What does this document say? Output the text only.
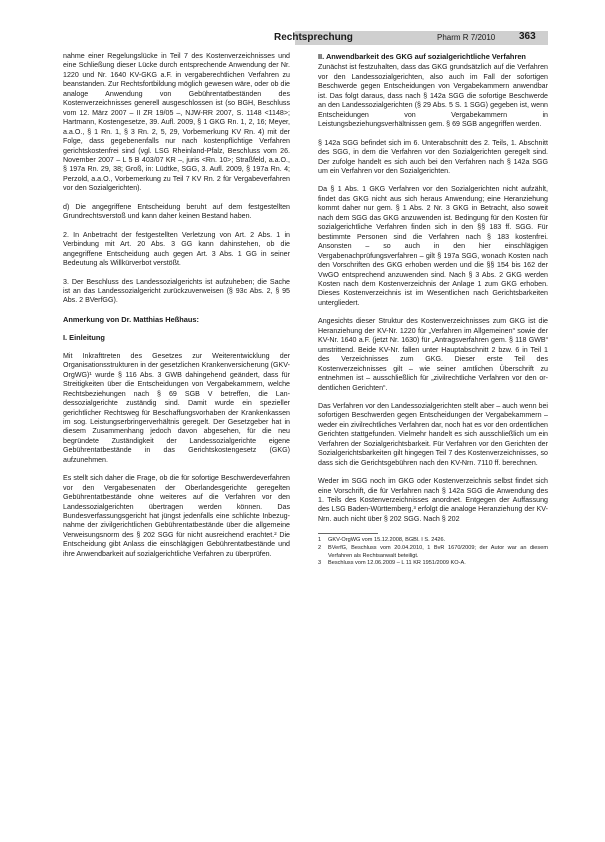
Rechtsprechung	Pharm R 7/2010 363

nahme einer Regelungslücke in Teil 7 des Kostenverzeichnisses und eine Schließung dieser Lücke durch entsprechende Anwendung der Nr. 1220 und Nr. 1640 KV-GKG a.F. in vergaberechtlichen Verfahren zu beanstanden. Zur Rechtsfortbildung möglich gewesen wäre, oder ob die analoge Anwendung von Gebührentatbeständen des Kostenverzeichnisses generell ausgeschlossen ist (so BGH, Beschluss vom 12. März 2007 – II ZR 19/05 –, NJW-RR 2007, S. 1148 <1148>; Hartmann, Kostengesetze, 39. Aufl. 2009, § 1 GKG Rn. 1, 2, 16; Meyer, a.a.O., § 1 Rn. 1, § 3 Rn. 2, 5, 29, Vorbemerkung KV Rn. 4) mit der Folge, dass gegebenenfalls nur nach kostenpflichtige Verfahren gerichtskostenfrei sind (vgl. LSG Rheinland-Pfalz, Beschluss vom 26. November 2007 – L 5 B 403/07 KR –, juris <Rn. 10>; Straßfeld, a.a.O., § 197a Rn. 29, 38; Groß, in: Lüdtke, SGG, 3. Aufl. 2009, § 197a Rn. 4; Perzold, a.a.O., Vorbemerkung zu Teil 7 KV Rn. 2 für Vergabeverfahren vor den Sozialgerichten).

d) Die angegriffene Entscheidung beruht auf dem festgestellten Grundrechtsverstoß und kann daher keinen Bestand haben.

2. In Anbetracht der festgestellten Verletzung von Art. 2 Abs. 1 in Verbindung mit Art. 20 Abs. 3 GG kann dahinstehen, ob die angegriffene Entscheidung auch gegen Art. 3 Abs. 1 GG in seiner Bedeutung als Willkürverbot verstößt.

3. Der Beschluss des Landessozialgerichts ist aufzuheben; die Sache ist an das Landessozialgericht zurückzuverweisen (§ 93c Abs. 2, § 95 Abs. 2 BVerfGG).

Anmerkung von Dr. Matthias Heßhaus:

I. Einleitung

Mit Inkrafttreten des Gesetzes zur Weiterentwicklung der Organisationsstrukturen in der gesetzlichen Krankenversicherung (GKV-OrgWG)¹ wurde § 116 Abs. 3 GWB dahingehend geändert, dass für Streitigkeiten über die Entscheidungen von Vergabekammern, welche Rechtsbeziehungen nach § 69 SGB V betreffen, die Landessozialgerichte zuständig sind. Damit wurde ein spezieller gerichtlicher Rechtsweg für Beschaffungsvorhaben der Krankenkassen im sog. Leistungserbringerverhältnis geregelt. Der Gesetzgeber hat in diesem Zusammenhang jedoch davon abgesehen, für die neu begründete Zuständigkeit der Landessozialgerichte eigene Gebührentatbestände in das Gerichtskostengesetz (GKG) aufzunehmen.

Es stellt sich daher die Frage, ob die für sofortige Beschwerdeverfahren vor den Vergabesenaten der Oberlandesgerichte geregelten Gebührentatbestände ohne weiteres auf die Verfahren vor den Landessozialgerichten übertragen werden können. Das Bundesverfassungsgericht hat jüngst jedenfalls eine schlichte Inbezugnahme der zivilgerichtlichen Gebührentatbestände über die allgemeine Verweisungsnorm des § 202 SGG für nicht ausreichend erachtet.² Die Entscheidung gibt Anlass die einschlägigen Gebührentatbestände und ihre Anwendbarkeit auf sozialgerichtliche Verfahren zu überprüfen.

II. Anwendbarkeit des GKG auf sozialgerichtliche Verfahren

Zunächst ist festzuhalten, dass das GKG grundsätzlich auf die Verfahren vor den Landessozialgerichten, also auch im Fall der sofortigen Beschwerde gegen Entscheidungen von Vergabekammern anwendbar ist. Das folgt daraus, dass nach § 142a SGG die sofortige Beschwerde an den Landessozialgerichten (§ 29 Abs. 5 S. 1 SGG) gegeben ist, wenn Entscheidungen von Vergabekammern in Leistungsbeziehungsverhältnissen gem. § 69 SGB angegriffen werden.

§ 142a SGG befindet sich im 6. Unterabschnitt des 2. Teils, 1. Abschnitt des SGG, in dem die Verfahren vor den Sozialgerichten geregelt sind. Der zufolge handelt es sich auch bei den Verfahren nach § 142a SGG um ein Verfahren vor den Sozialgerichten.

Da § 1 Abs. 1 GKG Verfahren vor den Sozialgerichten nicht aufzählt, findet das GKG nicht aus sich heraus Anwendung; eine Heranziehung kommt daher nur gem. § 1 Abs. 2 Nr. 3 GKG in Betracht, also soweit nach dem SGG das GKG anzuwenden ist. Bedingung für den Kosten für sozialgerichtliche Verfahren finden sich in den §§ 183 ff. SGG. Für bestimmte Personen sind die Verfahren nach § 183 kostenfrei. Ansonsten – so auch in den hier einschlägigen Vergabenachprüfungsverfahren – gilt § 197a SGG, wonach Kosten nach den Vorschriften des GKG erhoben werden und die §§ 154 bis 162 der VwGO entsprechend anzuwenden sind. Nach § 3 Abs. 2 GKG werden Kosten nach dem Kostenverzeichnis der Anlage 1 zum GKG erhoben. Dieses Kostenverzeichnis ist im Wesentlichen nach Gerichtsbarkeiten untergliedert.

Angesichts dieser Struktur des Kostenverzeichnisses zum GKG ist die Heranziehung der KV-Nr. 1220 für „Verfahren im Allgemeinen“ sowie der KV-Nr. 1640 a.F. (jetzt Nr. 1630) für „Antragsverfahren gem. § 118 GWB“ umstrittend. Beide KV-Nr. fallen unter Hauptabschnitt 2 bzw. 6 in Teil 1 des Verzeichnisses zum GKG. Dieser erste Teil des Kostenverzeichnisses gilt – wie seiner amtlichen Überschrift zu entnehmen ist – ausschließlich für „zivilrechtliche Verfahren vor den ordentlichen Gerichten“.

Das Verfahren vor den Landessozialgerichten stellt aber – auch wenn bei sofortigen Beschwerden gegen Entscheidungen der Vergabekammern – weder ein zivilrechtliches Verfahren dar, noch hat es vor den ordentlichen Gerichten stattgefunden. Vielmehr handelt es sich ausschließlich um ein Verfahren der Sozialgerichtsbarkeit. Für Verfahren vor den Gerichten der Sozialgerichtsbarkeiten gilt hingegen Teil 7 des Kostenverzeichnisses, so dass sich die Gerichtsgebühren nach den KV-Nrn. 7110 ff. berechnen.

Weder im SGG noch im GKG oder Kostenverzeichnis selbst findet sich eine Vorschrift, die für Verfahren nach § 142a SGG die Anwendung des 1. Teils des Kostenverzeichnisses anordnet. Entgegen der Auffassung des LSG Baden-Württemberg,³ erfolgt die analoge Heranziehung der KV-Nrn. auch nicht über § 202 SGG. Nach § 202

1	GKV-OrgWG vom 15.12.2008, BGBl. I S. 2426.
2	BVerfG, Beschluss vom 20.04.2010, 1 BvR 1670/2009; der Autor war an diesem Verfahren als Rechtsanwalt beteiligt.
3	Beschluss vom 12.06.2009 – L 11 KR 1951/2009 KO-A.
